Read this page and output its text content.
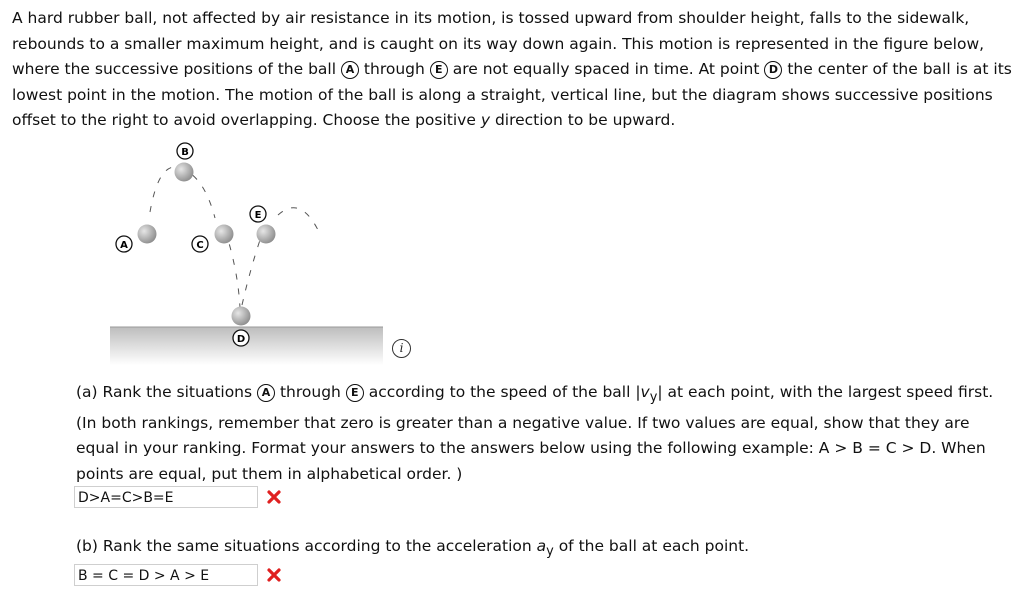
A hard rubber ball, not affected by air resistance in its motion, is tossed upward from shoulder height, falls to the sidewalk, rebounds to a smaller maximum height, and is caught on its way down again. This motion is represented in the figure below, where the successive positions of the ball A through E are not equally spaced in time. At point D the center of the ball is at its lowest point in the motion. The motion of the ball is along a straight, vertical line, but the diagram shows successive positions offset to the right to avoid overlapping. Choose the positive y direction to be upward.

A
B
C
D
E
i

(a) Rank the situations A through E according to the speed of the ball $|v_y|$ at each point, with the largest speed first. (In both rankings, remember that zero is greater than a negative value. If two values are equal, show that they are equal in your ranking. Format your answers to the answers below using the following example: A > B = C > D. When points are equal, put them in alphabetical order. )

D>A=C>B=E

(b) Rank the same situations according to the acceleration $a_y$ of the ball at each point.

B = C = D > A > E
